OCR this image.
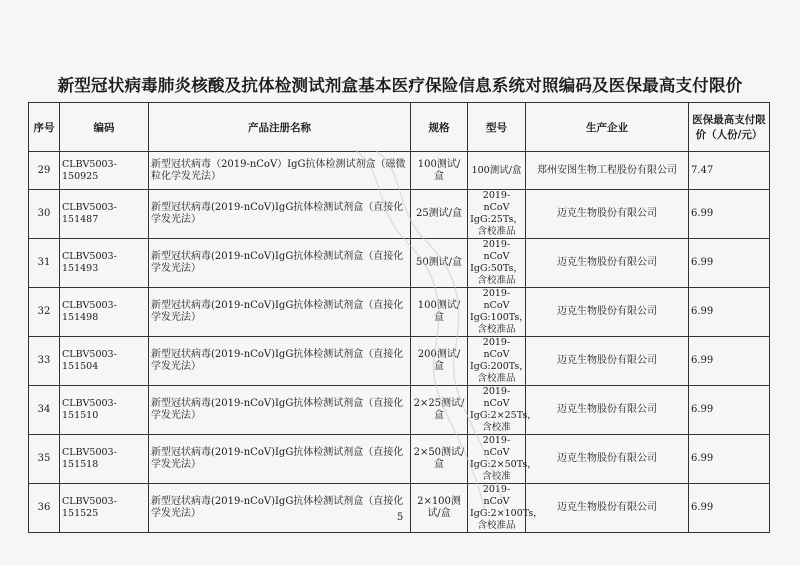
新型冠状病毒肺炎核酸及抗体检测试剂盒基本医疗保险信息系统对照编码及医保最高支付限价
序号	编码	产品注册名称	规格	型号	生产企业	医保最高支付限价（人份/元）
29	CLBV5003-150925	新型冠状病毒（2019-nCoV）IgG抗体检测试剂盒（磁微粒化学发光法）	100测试/盒	100测试/盒	郑州安图生物工程股份有限公司	7.47
30	CLBV5003-151487	新型冠状病毒(2019-nCoV)IgG抗体检测试剂盒（直接化学发光法）	25测试/盒	2019-nCoV IgG:25Ts，含校准品	迈克生物股份有限公司	6.99
31	CLBV5003-151493	新型冠状病毒(2019-nCoV)IgG抗体检测试剂盒（直接化学发光法）	50测试/盒	2019-nCoV IgG:50Ts，含校准品	迈克生物股份有限公司	6.99
32	CLBV5003-151498	新型冠状病毒(2019-nCoV)IgG抗体检测试剂盒（直接化学发光法）	100测试/盒	2019-nCoV IgG:100Ts，含校准品	迈克生物股份有限公司	6.99
33	CLBV5003-151504	新型冠状病毒(2019-nCoV)IgG抗体检测试剂盒（直接化学发光法）	200测试/盒	2019-nCoV IgG:200Ts，含校准品	迈克生物股份有限公司	6.99
34	CLBV5003-151510	新型冠状病毒(2019-nCoV)IgG抗体检测试剂盒（直接化学发光法）	2×25测试/盒	2019-nCoV IgG:2×25Ts，含校准	迈克生物股份有限公司	6.99
35	CLBV5003-151518	新型冠状病毒(2019-nCoV)IgG抗体检测试剂盒（直接化学发光法）	2×50测试/盒	2019-nCoV IgG:2×50Ts，含校准	迈克生物股份有限公司	6.99
36	CLBV5003-151525	新型冠状病毒(2019-nCoV)IgG抗体检测试剂盒（直接化学发光法）	2×100测试/盒	2019-nCoV IgG:2×100Ts，含校准品	迈克生物股份有限公司	6.99
5
